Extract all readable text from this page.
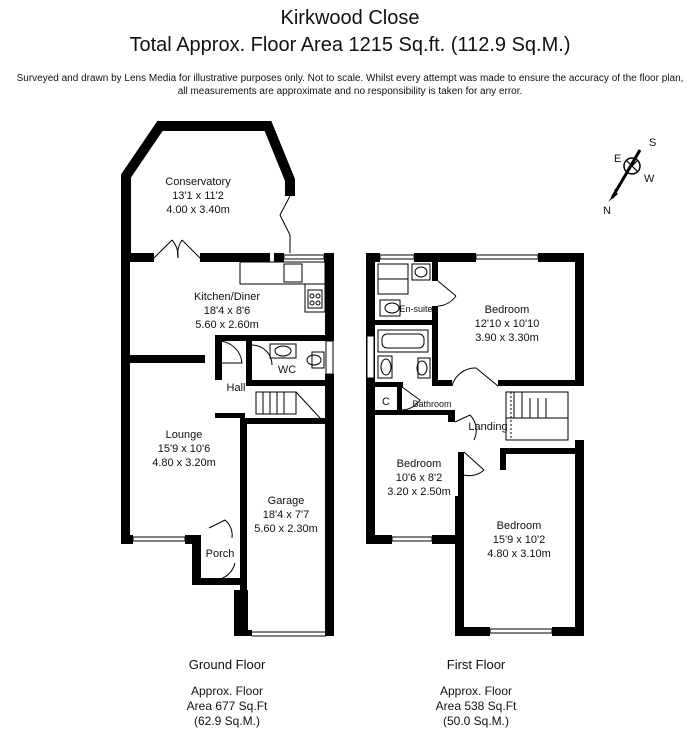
Kirkwood Close
Total Approx. Floor Area 1215 Sq.ft. (112.9 Sq.M.)
Surveyed and drawn by Lens Media for illustrative purposes only. Not to scale. Whilst every attempt was made to ensure the accuracy of the floor plan,
all measurements are approximate and no responsibility is taken for any error.
S
E
W
N
Conservatory
13'1 x 11'2
4.00 x 3.40m
Kitchen/Diner
18'4 x 8'6
5.60 x 2.60m
WC
Hall
Lounge
15'9 x 10'6
4.80 x 3.20m
Garage
18'4 x 7'7
5.60 x 2.30m
Porch
En-suite	Bedroom
12'10 x 10'10
3.90 x 3.30m
C	Bathroom
Landing
Bedroom
10'6 x 8'2
3.20 x 2.50m
Bedroom
15'9 x 10'2
4.80 x 3.10m
Ground Floor
Approx. Floor
Area 677 Sq.Ft
(62.9 Sq.M.)
First Floor
Approx. Floor
Area 538 Sq.Ft
(50.0 Sq.M.)
